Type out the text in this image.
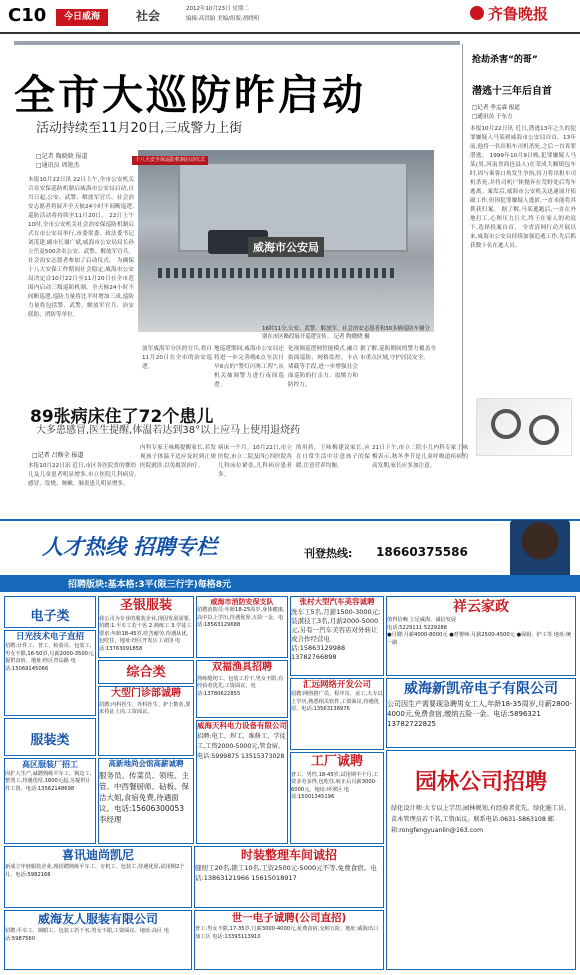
C10	今日威海	社会	2012年10月23日 星期二
编辑:高洪胎 美编/组版:胡晓明	齐鲁晚报
全市大巡防昨启动
活动持续至11月20日,三成警力上街
□记者 陶晓晓 报道
□通讯员 周艳杰
本报10月22日讯 22日上午,全市公安机关合首安保巡防机制启威海市公安局启动,自当日起,公安、武警、解放军官兵、社会治安志愿者将展开全天候24小时不间断巡逻,巡防活动将持续至11月20日。 22日上午10时,全市公安机关社会治安保巡防机制启式在市公安局举行,市委常委、政法委书记刘茂建,副市长谢广斌,威海市公安局局长孙立岳及500余名公安、武警、解放军官兵、社会治安志愿者参加了启动仪式。 为确保十八大安保工作期间社会稳定,威海市公安局决定自10月22日至11月20日在全市范围内启动三级巡防机制。全天候24小时不间断巡逻,巡防力量将比平时增加三成,巡防力量将包括警、武警、解放军官兵、治安联防、消防等单位。
十八大安全保巡防机制启动仪式
威海市公安局
16时11分,公安、武警、解放军、社会治安志愿者和30多辆巡防车辆分别在市区路段展开巡逻宣传。 记者 陶晓晓 摄
放军威海军分区的官兵,将自11月20日在全市的治安巡逻。
地巡逻期间,威海市公安局还将进一步完善晚6点至次日早6点的“警灯闪烁工程”,从机关抽调警力进行夜间巡逻。
化视频巡逻网智能模式,融合街面巡防、网格监控、卡点堵截等手段,进一步增强社会面巡防的打击力、震慑力和防控力。
据了解,巡防期间的警力覆盖全市重点区域,守护居民安全。
抢劫杀害“的哥”
潜逃十三年后自首
□记者 李孟霖 报道
□通讯员 于东方
本报10月22日讯 近日,潜逃13年之久的犯罪嫌疑人马某到威海市公安局自首。13年前,他将一名出租车司机杀死,之后一直畏罪潜逃。 1999年10月9日晚,犯罪嫌疑人马某(男,河南省商邑县人)在荣成大疃镇包车时,因与乘客口角发生争执,持刀将出租车司机杀死,并将司机尸体抛弃在荒野处后驾车逃离。案发后,威海市公安机关迅速展开侦破工作,但因犯罪嫌疑人逃匿,一直未能将其抓获归案。 据了解,马某逃跑后,一直在外地打工,心理压力巨大,终于在家人的劝说下,选择投案自首。 全省清网行动开展以来,威海市公安局持续加强追逃工作,先后抓获数十名在逃人员。
89张病床住了72个患儿
大多患感冒,医生提醒,体温若达到38°以上应马上使用退烧药
□记者 吕修全 报道
本报10月22日讯 近日,市区各医院普的婴幼儿及儿童患者明显增多,市立医院儿科病房,感冒、发烧、咳嗽、肺炎患儿明显增多。
内科专家王咏梅提醒家长,若发现孩子体温不适应及时到正规医院就诊,以免耽误治疗。
病床一个月。10月22日,市立医院,市立二院及四○四医院各儿科床位紧张,儿科病房患者多。
的用药。王咏梅建议家长,应在日常生活中注意孩子的保暖,注意营养均衡。
21日下午,市立二院小儿内科专家王咏梅表示,秋冬季节是儿童呼吸道疾病的高发期,家长应多加注意。
人才热线 招聘专栏	刊登热线: 18660375586
招聘版块:基本格:3平(限三行字)每格8元
电子类
圣银服装
我公司为专业的服装企业,现因发展需要,招聘:1.平车工若干名 2.熟练工 3.学徒工 要求:年龄18-45岁,吃苦耐劳,待遇从优,包吃住。地址:经区开发区工业园 电话:13763091858
威海市消防安保支队
招聘消防员:年龄18-25周岁,身体健康,高中以上学历,待遇优厚,五险一金。电话:18563129688
张村大型汽车美容诚聘
洗车工5名,月薪1500-3000元;装潢技工3名,月薪2000-5000元,另有一汽车美容店对外转让或合作经营电话:15863129988 13782766898
祥云家政
值得信赖 立足威海、诚信发展
电话:5229111 5229288
●月嫂:月薪4000-8000元 ●育婴师:月薪2500-4500元 ●保姆、护工等 地址:统一路
日光技术电子直招
招聘:计件工、普工、检验员、包装工,男女不限,16-50岁,月薪2000-3500元,提供食宿。地址:经区青岛路 电话:15069145066	综合类	双福渔具招聘
熟练缝纫工、包装工若干,男女不限,有经验者优先,工资面议。电话:13780622855
汇远网络开发公司
招聘:网络推广员、程序员、美工,大专以上学历,熟悉相关软件,工资面议,待遇优厚。电话:13563138976
威海新凯帝电子有限公司
公司因生产需要现急聘男女工人,年龄18-35周岁,月薪2800-4000元,免费食宿,缴纳五险一金。电话:5896321 13782722825
服装类
大型门诊部诚聘
招聘:内科医生、外科医生、护士数名,要求持证上岗,工资面议。
高区服装厂招工
因扩大生产,诚聘熟练平车工、锁边工、整烫工,待遇优厚,1800元起,另提供计件工资。电话:13562148698
高新地尚会馆高薪诚聘
服务员、传菜员、领班、主管、中西餐厨师、砧板、保洁大姐,食宿免费,待遇面议。电话:15606300053 李经理
威海天科电力设备有限公司
招聘:电工、焊工、维修工、学徒工,工资2000-5000元,管食宿。电话:5999875 13515373028	工厂诚聘
普工、男性,18-45岁,试用期半个月,工资多劳多得,包吃住,转正后月薪3000-6000元。地址:环翠区 电话:15001345196
园林公司招聘
绿化设计师:大专以上学历,园林规划,有经验者优先。绿化施工员、苗木管理员若干名,工资面议。联系电话:0631-5863108 邮箱:rongfengyuanlin@163.com
喜讯迪尚凯尼
新成立年轻服装企业,现招聘熟练平车工、专机工、包装工,待遇优厚,试用期2个月。电话:5982168
时装整理车间诚招
缝纫工20名,锁工10名,工资2500元-5000元不等,免费食宿。电话:13863121966 15615018917
威海友人服装有限公司
招聘:平车工、锁眼工、包装工若干名,男女不限,工资面议。地址:高区 电话:5987560
世一电子诚聘(公司直招)
普工:男女不限,17-35岁,月薪3000-4000元,免费食宿,交纳五险。地址:威海出口加工区 电话:13393113910
